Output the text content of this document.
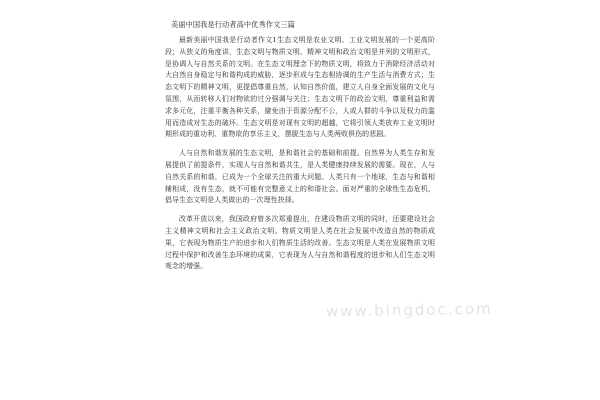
美丽中国我是行动者高中优秀作文三篇

最新美丽中国我是行动者作文1生态文明是农业文明、工业文明发展的一个更高阶段；从狭义的角度讲，生态文明与物质文明、精神文明和政治文明是并列的文明形式，是协调人与自然关系的文明。在生态文明理念下的物质文明，将致力于消除经济活动对大自然自身稳定与和谐构成的威胁，逐步形成与生态相协调的生产生活与消费方式；生态文明下的精神文明，更提倡尊重自然，认知自然价值，建立人自身全面发展的文化与氛围，从而转移人们对物欲的过分强调与关注；生态文明下的政治文明，尊重利益和需求多元化，注重平衡各种关系，避免由于资源分配不公，人或人群的斗争以及权力的滥用而造成对生态的破坏。生态文明是对现有文明的超越，它将引领人类放弃工业文明时期形成的重功利、重物欲的享乐主义，摆脱生态与人类两败俱伤的悲剧。

人与自然和谐发展的生态文明，是和谐社会的基础和前提。自然界为人类生存和发展提供了前提条件，实现人与自然和谐共生，是人类健康持续发展的需要。现在，人与自然关系的和谐，已成为一个全球关注的重大问题。人类只有一个地球，生态与和谐相辅相成，没有生态，就不可能有完整意义上的和谐社会。面对严重的全球性生态危机，倡导生态文明是人类做出的一次理性抉择。

改革开放以来，我国政府曾多次郑重提出，在建设物质文明的同时，还要建设社会主义精神文明和社会主义政治文明。物质文明是人类在社会发展中改造自然的物质成果，它表现为物质生产的进步和人们物质生活的改善。生态文明是人类在发展物质文明过程中保护和改善生态环境的成果，它表现为人与自然和谐程度的进步和人们生态文明观念的增强。

www.bingdoc.com
